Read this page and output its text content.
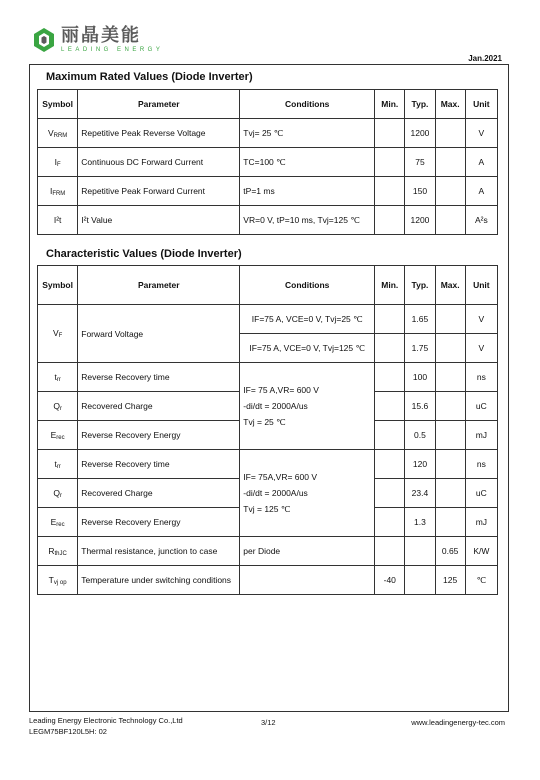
丽晶美能
LEADING ENERGY
Jan.2021
Maximum Rated Values (Diode Inverter)
Symbol	Parameter	Conditions	Min.	Typ.	Max.	Unit
$V_{RRM}$	Repetitive Peak Reverse Voltage	Tvj= 25 ℃		1200		V
$I_F$	Continuous DC Forward Current	TC=100 ℃		75		A
$I_{FRM}$	Repetitive Peak Forward Current	tP=1 ms		150		A
I²t	I²t Value	VR=0 V, tP=10 ms, Tvj=125 ℃		1200		A²s
Characteristic Values (Diode Inverter)
Symbol	Parameter	Conditions	Min.	Typ.	Max.	Unit
$V_F$	Forward Voltage	IF=75 A, VCE=0 V, Tvj=25 ℃		1.65		V
		IF=75 A, VCE=0 V, Tvj=125 ℃		1.75		V
$t_{rr}$	Reverse Recovery time	IF= 75 A,VR= 600 V
-di/dt = 2000A/us
Tvj = 25 ℃		100		ns
$Q_r$	Recovered Charge			15.6		uC
$E_{rec}$	Reverse Recovery Energy			0.5		mJ
$t_{rr}$	Reverse Recovery time	IF= 75A,VR= 600 V
-di/dt = 2000A/us
Tvj = 125 ℃		120		ns
$Q_r$	Recovered Charge			23.4		uC
$E_{rec}$	Reverse Recovery Energy			1.3		mJ
$R_{thJC}$	Thermal resistance, junction to case	per Diode			0.65	K/W
$T_{vj op}$	Temperature under switching conditions		-40		125	℃
Leading Energy Electronic Technology Co.,Ltd
LEGM75BF120L5H: 02
3/12	www.leadingenergy-tec.com
